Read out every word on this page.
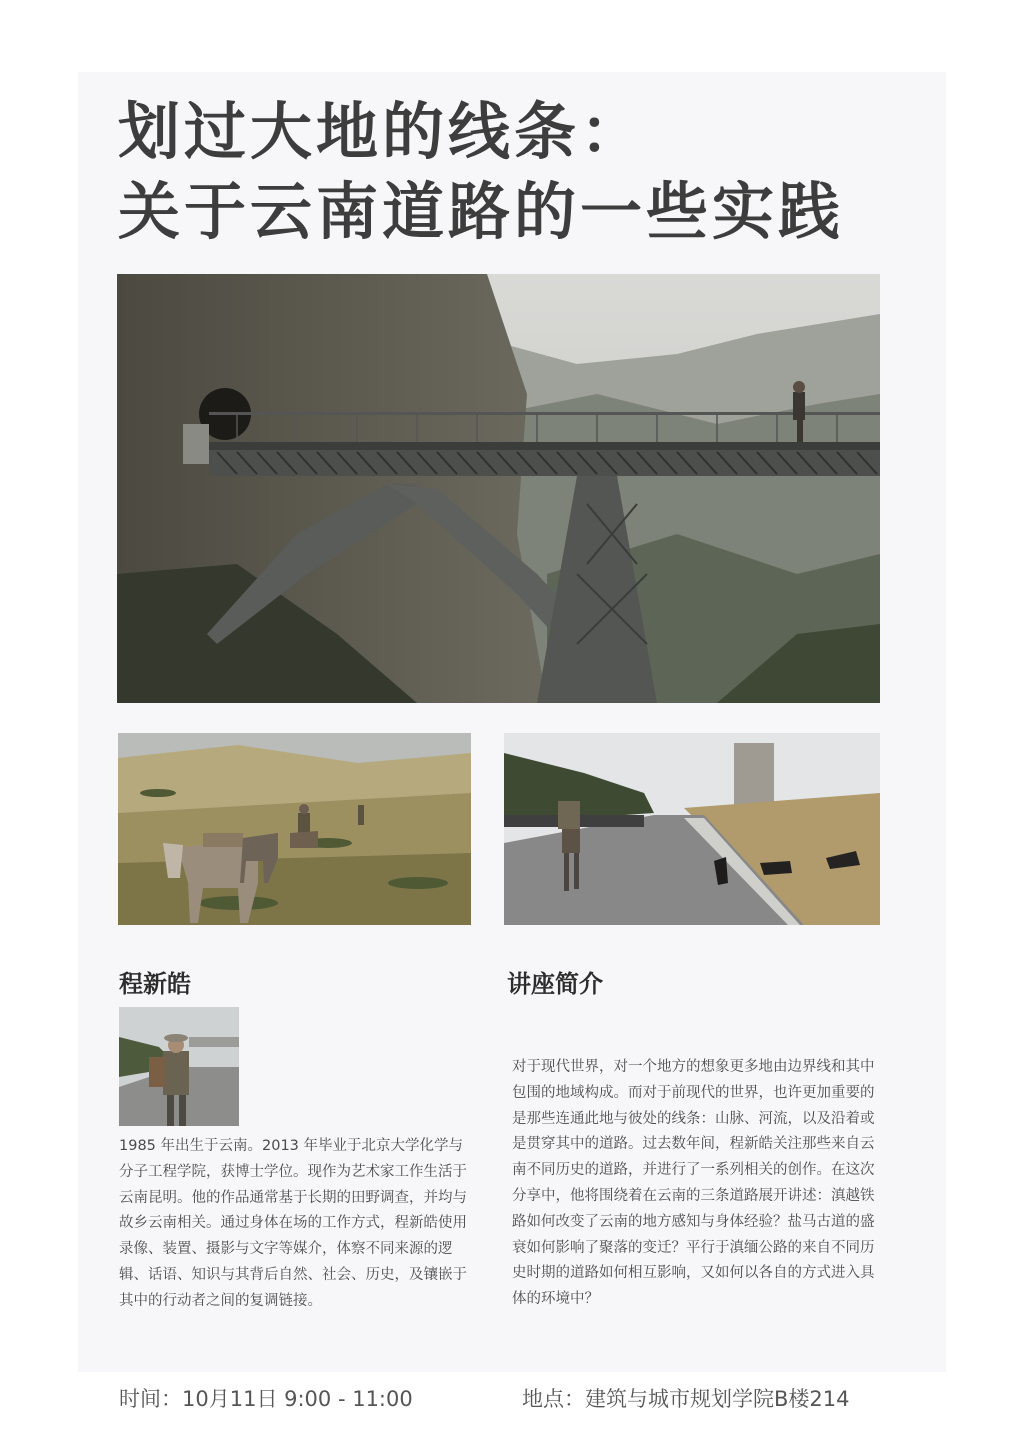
划过大地的线条：
关于云南道路的一些实践
程新皓	讲座简介

1985 年出生于云南。2013 年毕业于北京大学化学与分子工程学院，获博士学位。现作为艺术家工作生活于云南昆明。他的作品通常基于长期的田野调查，并均与故乡云南相关。通过身体在场的工作方式，程新皓使用录像、装置、摄影与文字等媒介，体察不同来源的逻辑、话语、知识与其背后自然、社会、历史，及镶嵌于其中的行动者之间的复调链接。

对于现代世界，对一个地方的想象更多地由边界线和其中包围的地域构成。而对于前现代的世界，也许更加重要的是那些连通此地与彼处的线条：山脉、河流，以及沿着或是贯穿其中的道路。过去数年间，程新皓关注那些来自云南不同历史的道路，并进行了一系列相关的创作。在这次分享中，他将围绕着在云南的三条道路展开讲述：滇越铁路如何改变了云南的地方感知与身体经验？盐马古道的盛衰如何影响了聚落的变迁？平行于滇缅公路的来自不同历史时期的道路如何相互影响，又如何以各自的方式进入具体的环境中？

时间：10月11日 9:00 - 11:00	地点：建筑与城市规划学院B楼214
